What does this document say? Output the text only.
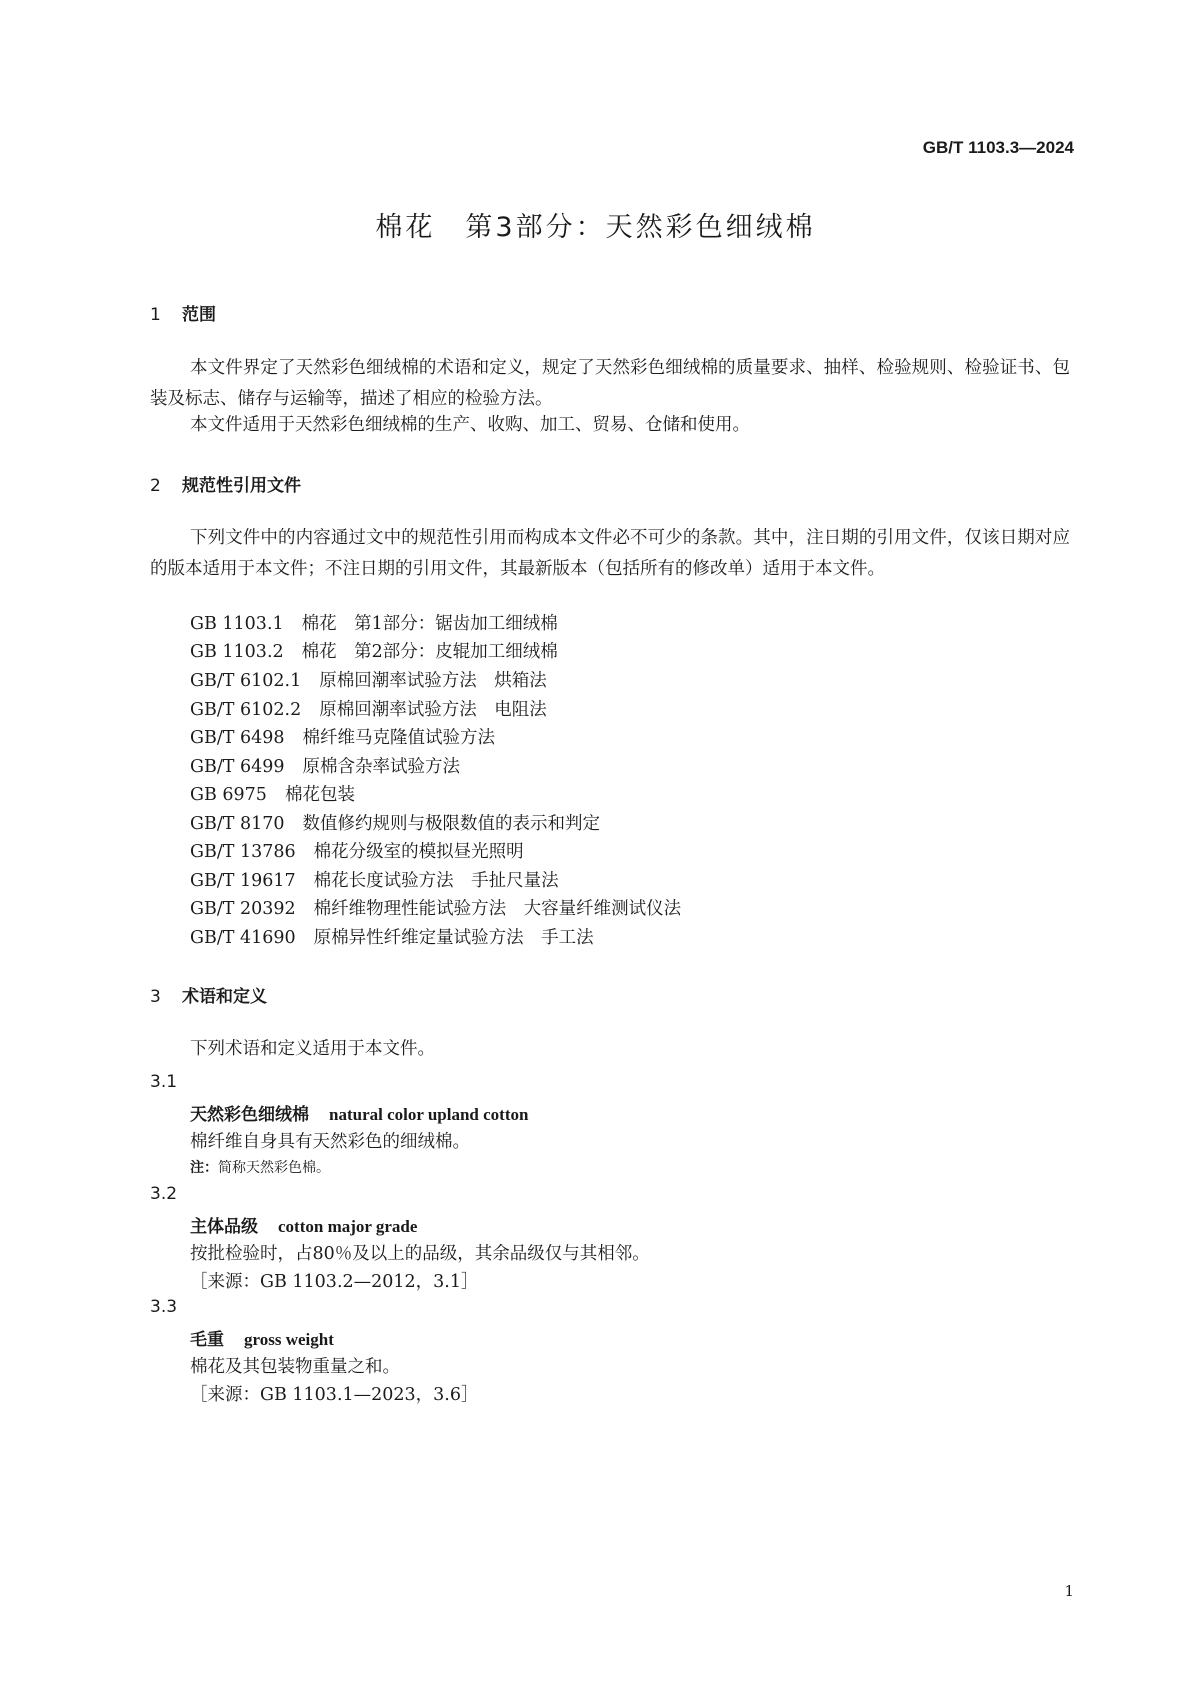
GB/T 1103.3—2024
棉花　第3部分：天然彩色细绒棉
1 范围
本文件界定了天然彩色细绒棉的术语和定义，规定了天然彩色细绒棉的质量要求、抽样、检验规则、检验证书、包装及标志、储存与运输等，描述了相应的检验方法。
本文件适用于天然彩色细绒棉的生产、收购、加工、贸易、仓储和使用。
2 规范性引用文件
下列文件中的内容通过文中的规范性引用而构成本文件必不可少的条款。其中，注日期的引用文件，仅该日期对应的版本适用于本文件；不注日期的引用文件，其最新版本（包括所有的修改单）适用于本文件。
GB 1103.1 棉花　第1部分：锯齿加工细绒棉
GB 1103.2 棉花　第2部分：皮辊加工细绒棉
GB/T 6102.1 原棉回潮率试验方法　烘箱法
GB/T 6102.2 原棉回潮率试验方法　电阻法
GB/T 6498 棉纤维马克隆值试验方法
GB/T 6499 原棉含杂率试验方法
GB 6975 棉花包装
GB/T 8170 数值修约规则与极限数值的表示和判定
GB/T 13786 棉花分级室的模拟昼光照明
GB/T 19617 棉花长度试验方法　手扯尺量法
GB/T 20392 棉纤维物理性能试验方法　大容量纤维测试仪法
GB/T 41690 原棉异性纤维定量试验方法　手工法
3 术语和定义
下列术语和定义适用于本文件。
3.1
天然彩色细绒棉 natural color upland cotton
棉纤维自身具有天然彩色的细绒棉。
注：简称天然彩色棉。
3.2
主体品级 cotton major grade
按批检验时，占80％及以上的品级，其余品级仅与其相邻。
［来源：GB 1103.2—2012，3.1］
3.3
毛重 gross weight
棉花及其包装物重量之和。
［来源：GB 1103.1—2023，3.6］
1
